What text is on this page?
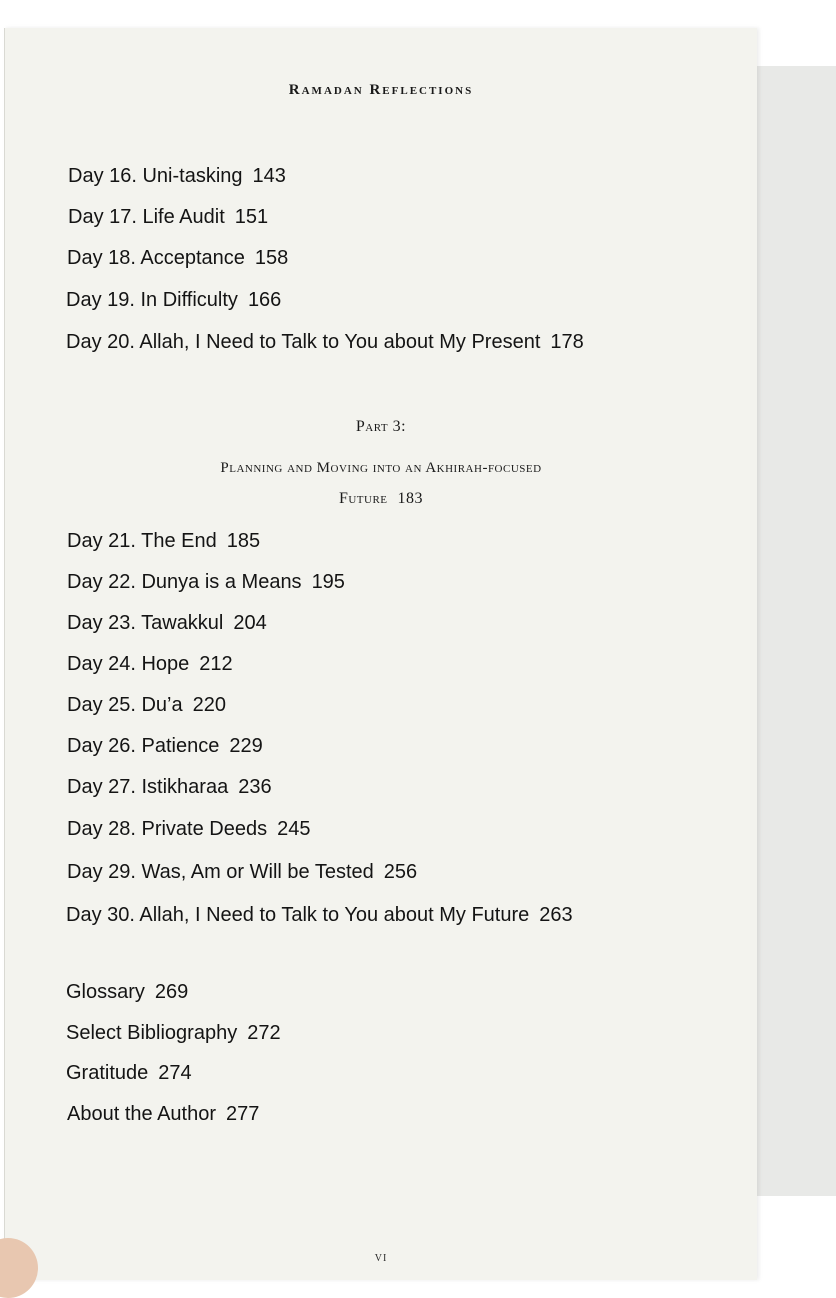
Ramadan Reflections

Day 16. Uni-tasking 143

Day 17. Life Audit 151

Day 18. Acceptance 158

Day 19. In Difficulty 166

Day 20. Allah, I Need to Talk to You about My Present 178

Part 3:

Planning and Moving into an Akhirah-focused

Future 183

Day 21. The End 185

Day 22. Dunya is a Means 195

Day 23. Tawakkul 204

Day 24. Hope 212

Day 25. Du’a 220

Day 26. Patience 229

Day 27. Istikharaa 236

Day 28. Private Deeds 245

Day 29. Was, Am or Will be Tested 256

Day 30. Allah, I Need to Talk to You about My Future 263

Glossary 269

Select Bibliography 272

Gratitude 274

About the Author 277

vi
